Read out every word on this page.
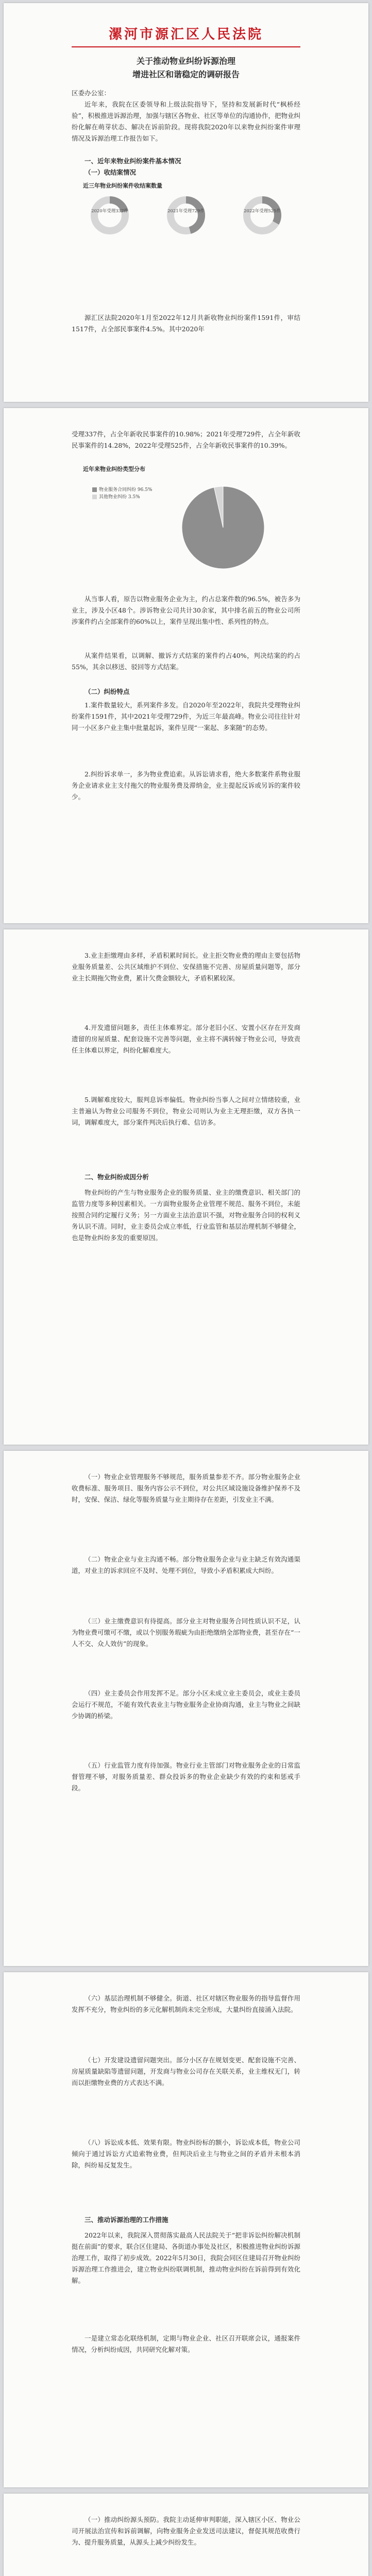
漯河市源汇区人民法院
关于推动物业纠纷诉源治理
增进社区和谐稳定的调研报告
区委办公室：
近年来，我院在区委领导和上级法院指导下，坚持和发展新时代“枫桥经验”，积极推进诉源治理，加强与辖区各物业、社区等单位的沟通协作，把物业纠纷化解在萌芽状态、解决在诉前阶段。现将我院2020年以来物业纠纷案件审理情况及诉源治理工作报告如下。
一、近年来物业纠纷案件基本情况
（一）收结案情况
近三年物业纠纷案件收结案数量
2020年受理337件	2021年受理729件	2022年受理525件
源汇区法院2020年1月至2022年12月共新收物业纠纷案件1591件，审结1517件，占全部民事案件4.5%。其中2020年
受理337件，占全年新收民事案件的10.98%；2021年受理729件，占全年新收民事案件的14.28%，2022年受理525件，占全年新收民事案件的10.39%。
近年来物业纠纷类型分布
物业服务合同纠纷 96.5%
其他物业纠纷 3.5%
从当事人看，原告以物业服务企业为主，约占总案件数的96.5%，被告多为业主，涉及小区48个。涉诉物业公司共计30余家，其中排名前五的物业公司所涉案件约占全部案件的60%以上，案件呈现出集中性、系列性的特点。
从案件结果看，以调解、撤诉方式结案的案件约占40%，判决结案的约占55%，其余以移送、驳回等方式结案。
（二）纠纷特点
1.案件数量较大，系列案件多发。自2020年至2022年，我院共受理物业纠纷案件1591件，其中2021年受理729件，为近三年最高峰。物业公司往往针对同一小区多户业主集中批量起诉，案件呈现“一案起、多案随”的态势。
2.纠纷诉求单一，多为物业费追索。从诉讼请求看，绝大多数案件系物业服务企业请求业主支付拖欠的物业服务费及滞纳金，业主提起反诉或另诉的案件较少。
3.业主拒缴理由多样，矛盾积累时间长。业主拒交物业费的理由主要包括物业服务质量差、公共区域维护不到位、安保措施不完善、房屋质量问题等，部分业主长期拖欠物业费，累计欠费金额较大，矛盾积累较深。
4.开发遗留问题多，责任主体难界定。部分老旧小区、安置小区存在开发商遗留的房屋质量、配套设施不完善等问题，业主将不满转嫁于物业公司，导致责任主体难以界定，纠纷化解难度大。
5.调解难度较大，服判息诉率偏低。物业纠纷当事人之间对立情绪较重，业主普遍认为物业公司服务不到位，物业公司则认为业主无理拒缴，双方各执一词，调解难度大，部分案件判决后执行难、信访多。
二、物业纠纷成因分析
物业纠纷的产生与物业服务企业的服务质量、业主的缴费意识、相关部门的监管力度等多种因素相关。一方面物业服务企业管理不规范、服务不到位，未能按照合同约定履行义务；另一方面业主法治意识不强，对物业服务合同的权利义务认识不清。同时，业主委员会成立率低，行业监管和基层治理机制不够健全，也是物业纠纷多发的重要原因。
（一）物业企业管理服务不够规范，服务质量参差不齐。部分物业服务企业收费标准、服务项目、服务内容公示不到位，对公共区域设施设备维护保养不及时，安保、保洁、绿化等服务质量与业主期待存在差距，引发业主不满。
（二）物业企业与业主沟通不畅。部分物业服务企业与业主缺乏有效沟通渠道，对业主的诉求回应不及时、处理不到位，导致小矛盾积累成大纠纷。
（三）业主缴费意识有待提高。部分业主对物业服务合同性质认识不足，认为物业费可缴可不缴，或以个别服务瑕疵为由拒绝缴纳全部物业费，甚至存在“一人不交、众人效仿”的现象。
（四）业主委员会作用发挥不足。部分小区未成立业主委员会，或业主委员会运行不规范，不能有效代表业主与物业服务企业协商沟通，业主与物业之间缺少协调的桥梁。
（五）行业监管力度有待加强。物业行业主管部门对物业服务企业的日常监督管理不够，对服务质量差、群众投诉多的物业企业缺少有效的约束和惩戒手段。
（六）基层治理机制不够健全。街道、社区对辖区物业服务的指导监督作用发挥不充分，物业纠纷的多元化解机制尚未完全形成，大量纠纷直接涌入法院。
（七）开发建设遗留问题突出。部分小区存在规划变更、配套设施不完善、房屋质量缺陷等遗留问题，开发商与物业公司存在关联关系，业主维权无门，转而以拒缴物业费的方式表达不满。
（八）诉讼成本低、效果有限。物业纠纷标的额小，诉讼成本低，物业公司倾向于通过诉讼方式追索物业费，但判决后业主与物业之间的矛盾并未根本消除，纠纷易反复发生。
三、推动诉源治理的工作措施
2022年以来，我院深入贯彻落实最高人民法院关于“把非诉讼纠纷解决机制挺在前面”的要求，联合区住建局、各街道办事处及社区，积极推进物业纠纷诉源治理工作，取得了初步成效。2022年5月30日，我院会同区住建局召开物业纠纷诉源治理工作推进会，建立物业纠纷联调机制，推动物业纠纷在诉前得到有效化解。
一是建立常态化联络机制，定期与物业企业、社区召开联席会议，通报案件情况，分析纠纷成因，共同研究化解对策。
（一）推动纠纷源头预防。我院主动延伸审判职能，深入辖区小区、物业公司开展法治宣传和诉前调解，向物业服务企业发送司法建议，督促其规范收费行为、提升服务质量，从源头上减少纠纷发生。
